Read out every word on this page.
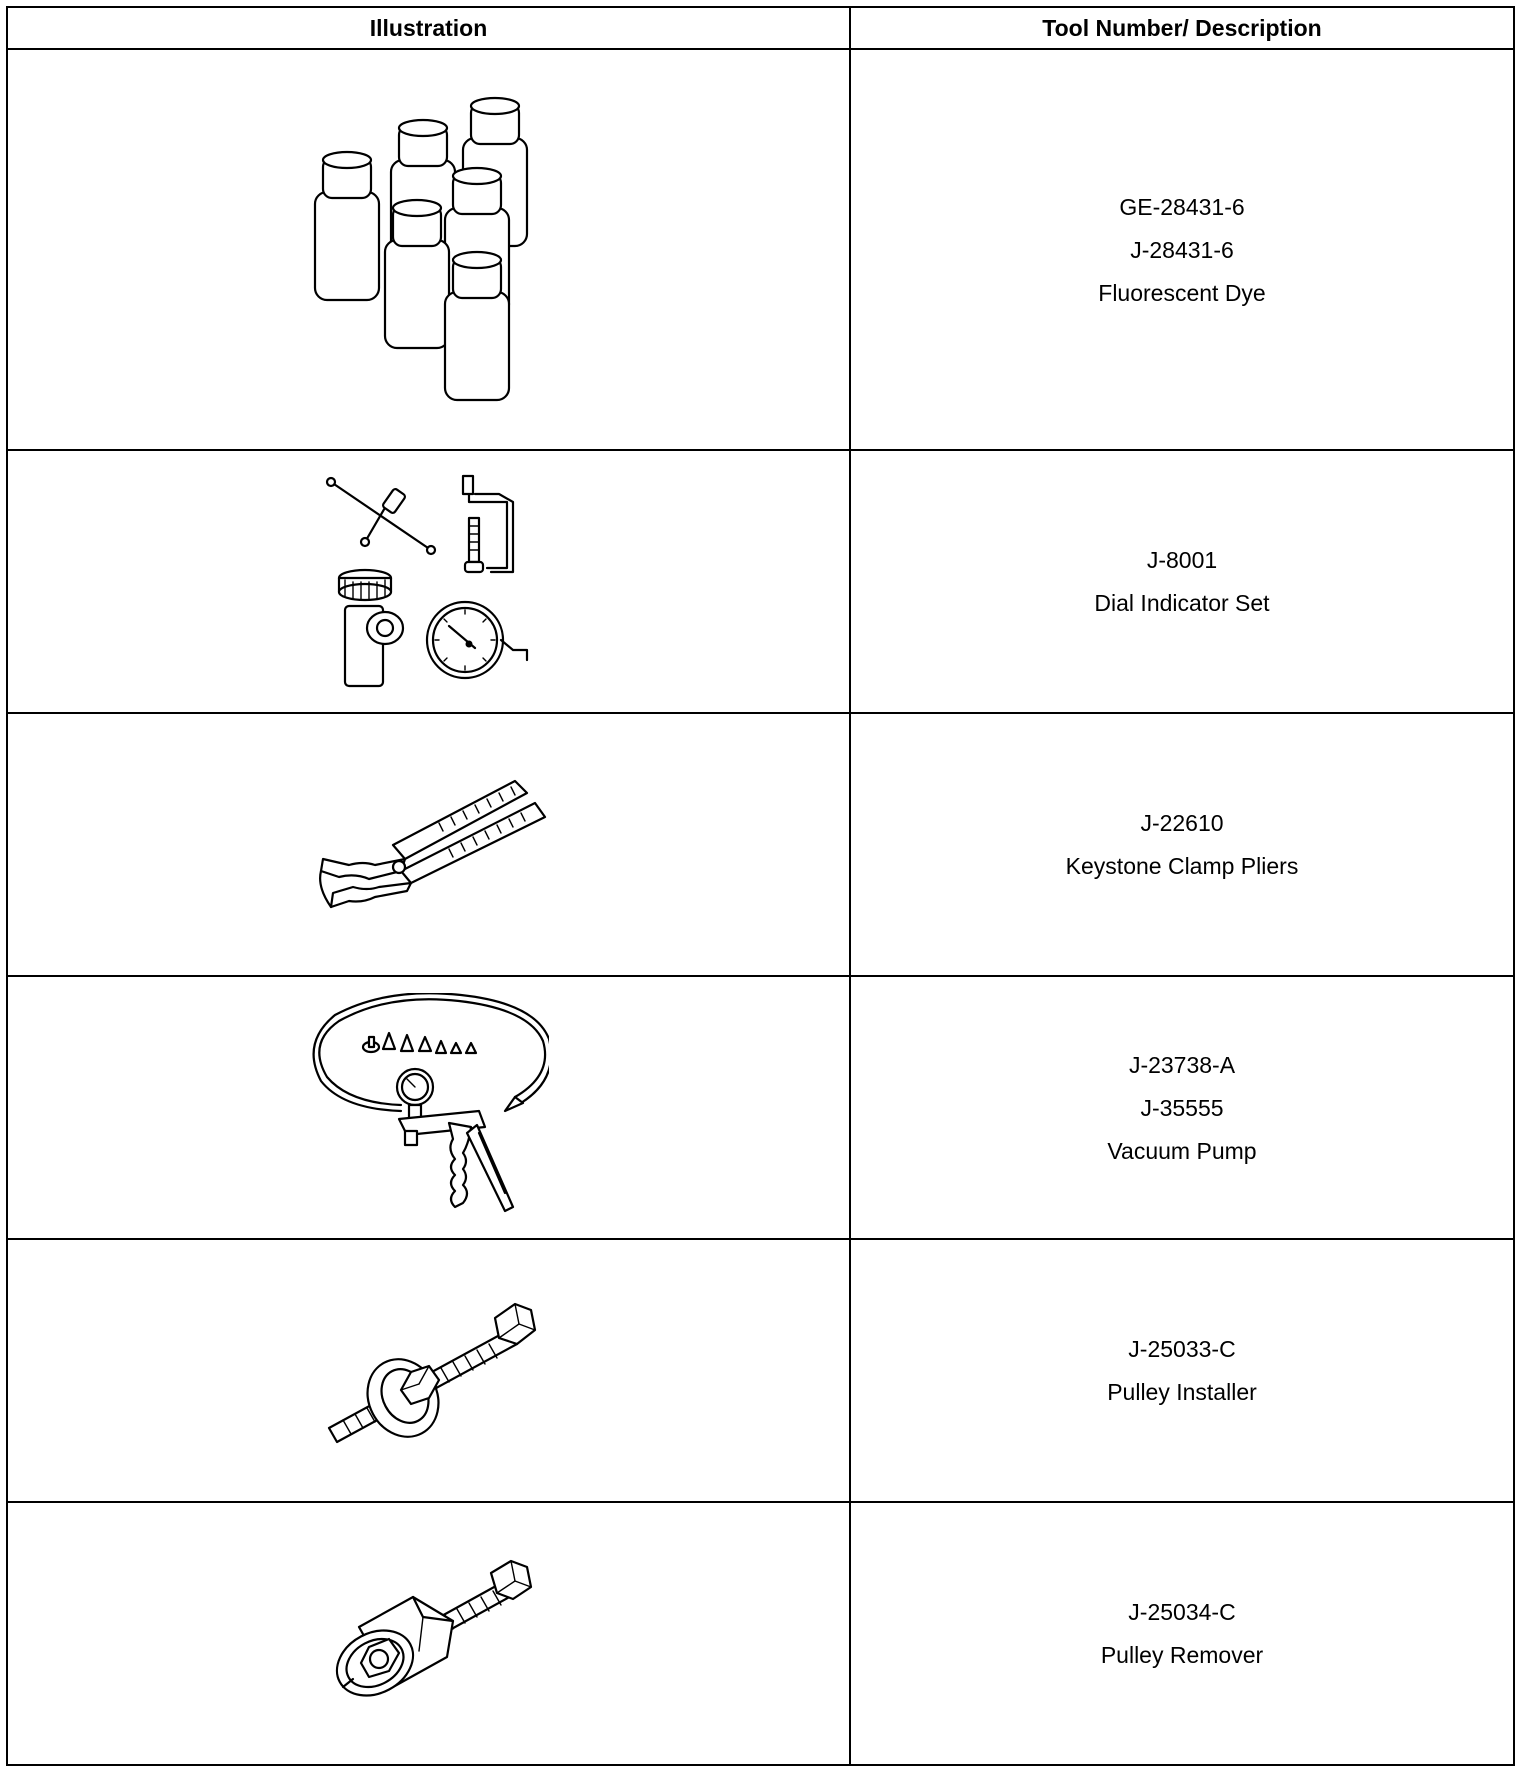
Illustration	Tool Number/ Description

GE-28431-6
J-28431-6
Fluorescent Dye

J-8001
Dial Indicator Set

J-22610
Keystone Clamp Pliers

J-23738-A
J-35555
Vacuum Pump

J-25033-C
Pulley Installer

J-25034-C
Pulley Remover
